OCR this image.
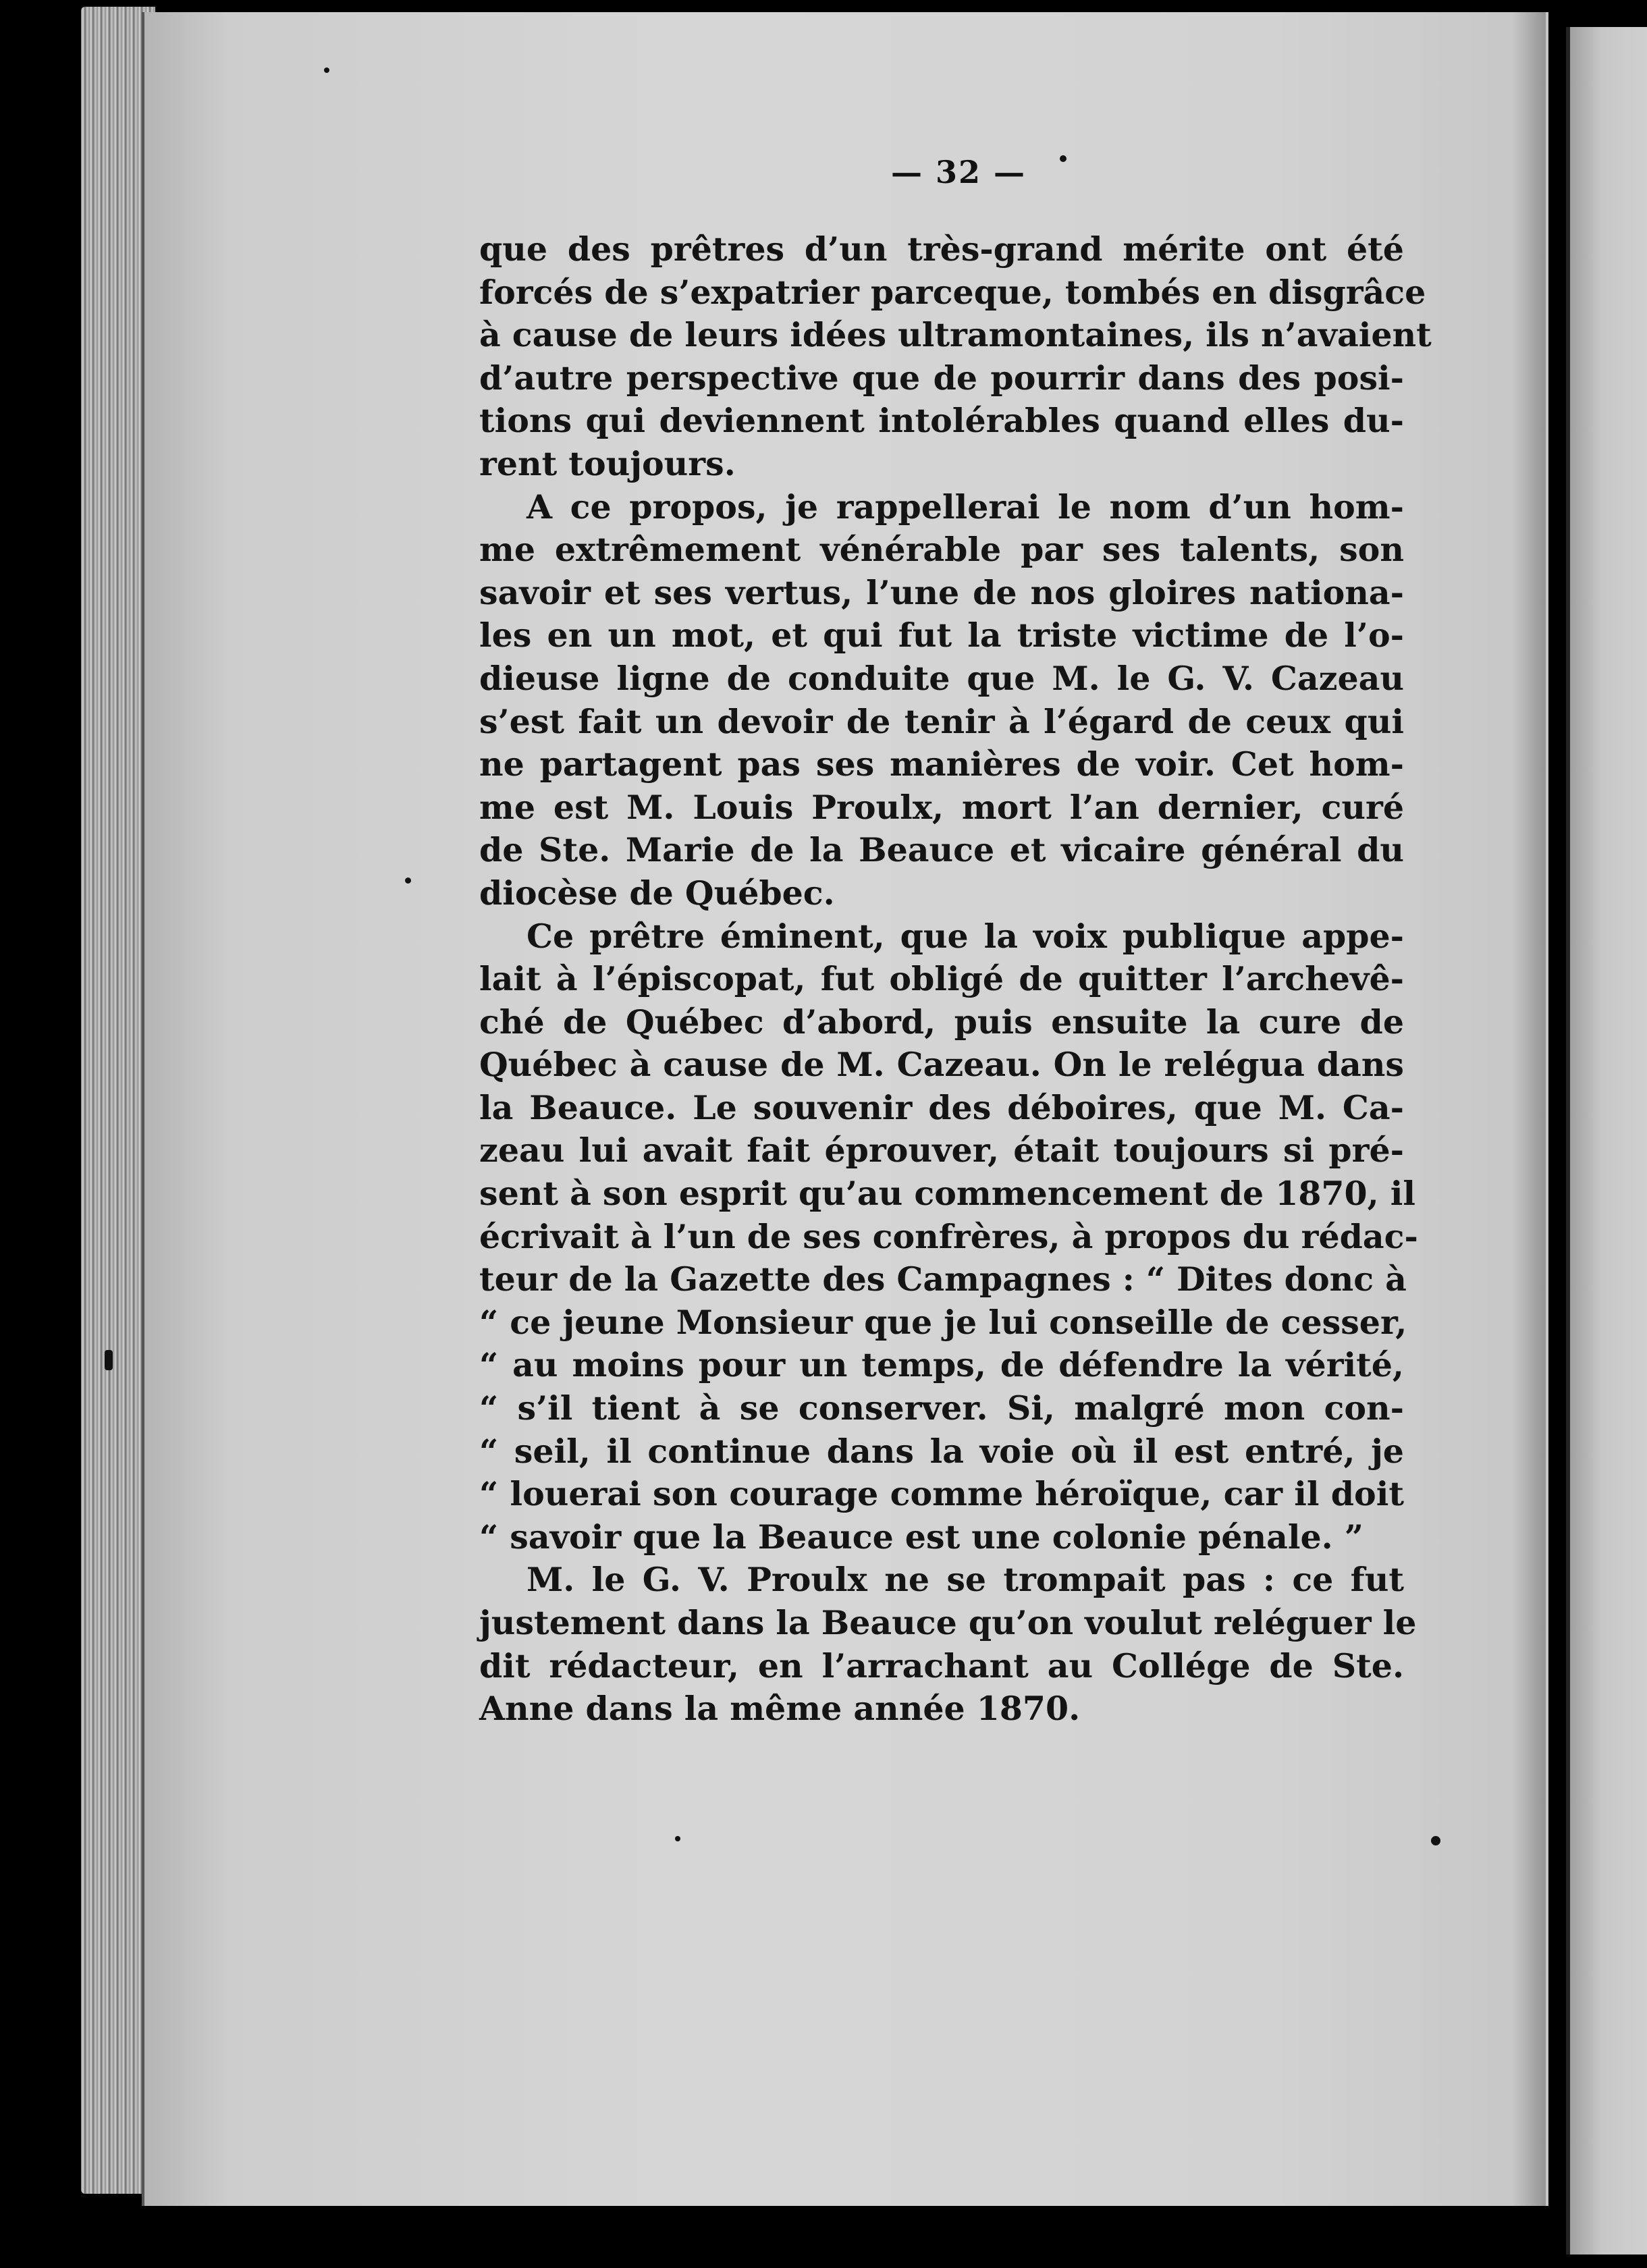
— 32 —
que des prêtres d’un très-grand mérite ont été
forcés de s’expatrier parceque, tombés en disgrâce
à cause de leurs idées ultramontaines, ils n’avaient
d’autre perspective que de pourrir dans des posi-
tions qui deviennent intolérables quand elles du-
rent toujours.
A ce propos, je rappellerai le nom d’un hom-
me extrêmement vénérable par ses talents, son
savoir et ses vertus, l’une de nos gloires nationa-
les en un mot, et qui fut la triste victime de l’o-
dieuse ligne de conduite que M. le G. V. Cazeau
s’est fait un devoir de tenir à l’égard de ceux qui
ne partagent pas ses manières de voir. Cet hom-
me est M. Louis Proulx, mort l’an dernier, curé
de Ste. Marie de la Beauce et vicaire général du
diocèse de Québec.
Ce prêtre éminent, que la voix publique appe-
lait à l’épiscopat, fut obligé de quitter l’archevê-
ché de Québec d’abord, puis ensuite la cure de
Québec à cause de M. Cazeau. On le relégua dans
la Beauce. Le souvenir des déboires, que M. Ca-
zeau lui avait fait éprouver, était toujours si pré-
sent à son esprit qu’au commencement de 1870, il
écrivait à l’un de ses confrères, à propos du rédac-
teur de la Gazette des Campagnes : “ Dites donc à
“ ce jeune Monsieur que je lui conseille de cesser,
“ au moins pour un temps, de défendre la vérité,
“ s’il tient à se conserver. Si, malgré mon con-
“ seil, il continue dans la voie où il est entré, je
“ louerai son courage comme héroïque, car il doit
“ savoir que la Beauce est une colonie pénale. ”
M. le G. V. Proulx ne se trompait pas : ce fut
justement dans la Beauce qu’on voulut reléguer le
dit rédacteur, en l’arrachant au Collége de Ste.
Anne dans la même année 1870.
